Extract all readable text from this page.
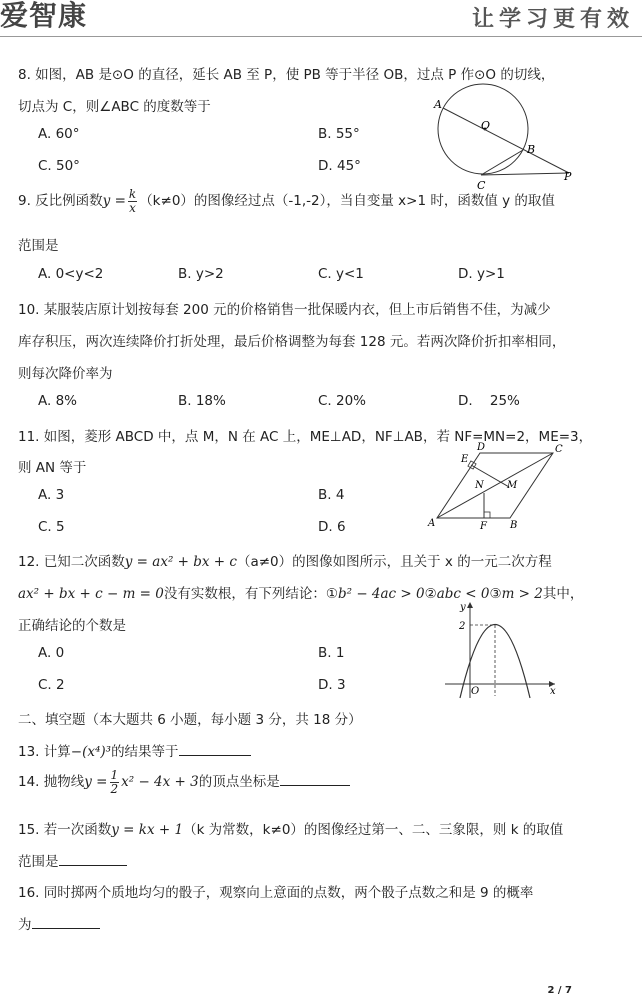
爱智康	让学习更有效
8. 如图，AB 是⊙O 的直径，延长 AB 至 P，使 PB 等于半径 OB，过点 P 作⊙O 的切线，
切点为 C，则∠ABC 的度数等于
A. 60°	B. 55°
C. 50°	D. 45°
A
O
B
C
P
9. 反比例函数$y = \frac{k}{x} (k\ne 0)$的图像经过点（-1,-2），当自变量 x>1 时，函数值 y 的取值
范围是
A. 0<y<2	B. y>2	C. y<1	D. y>1
10. 某服装店原计划按每套 200 元的价格销售一批保暖内衣，但上市后销售不佳，为减少
库存积压，两次连续降价打折处理，最后价格调整为每套 128 元。若两次降价折扣率相同，
则每次降价率为
A. 8%	B. 18%	C. 20%	D.    25%
11. 如图，菱形 ABCD 中，点 M，N 在 AC 上，ME⊥AD，NF⊥AB，若 NF=MN=2，ME=3，
则 AN 等于
A. 3	B. 4
C. 5	D. 6
D	C
E
N M
A	F B
12. 已知二次函数y = ax² + bx + c（a≠0）的图像如图所示，且关于 x 的一元二次方程
ax² + bx + c − m = 0没有实数根，有下列结论：①b² − 4ac > 0②abc < 0③m > 2其中，
正确结论的个数是
A. 0	B. 1
C. 2	D. 3
y
x
O
2
二、填空题（本大题共 6 小题，每小题 3 分，共 18 分）
13. 计算−(x⁴)³的结果等于
14. 抛物线$y = \frac{1}{2} x^2 - 4x + 3$的顶点坐标是
15. 若一次函数y = kx + 1（k 为常数，k≠0）的图像经过第一、二、三象限，则 k 的取值
范围是
16. 同时掷两个质地均匀的骰子，观察向上意面的点数，两个骰子点数之和是 9 的概率
为
2 / 7
